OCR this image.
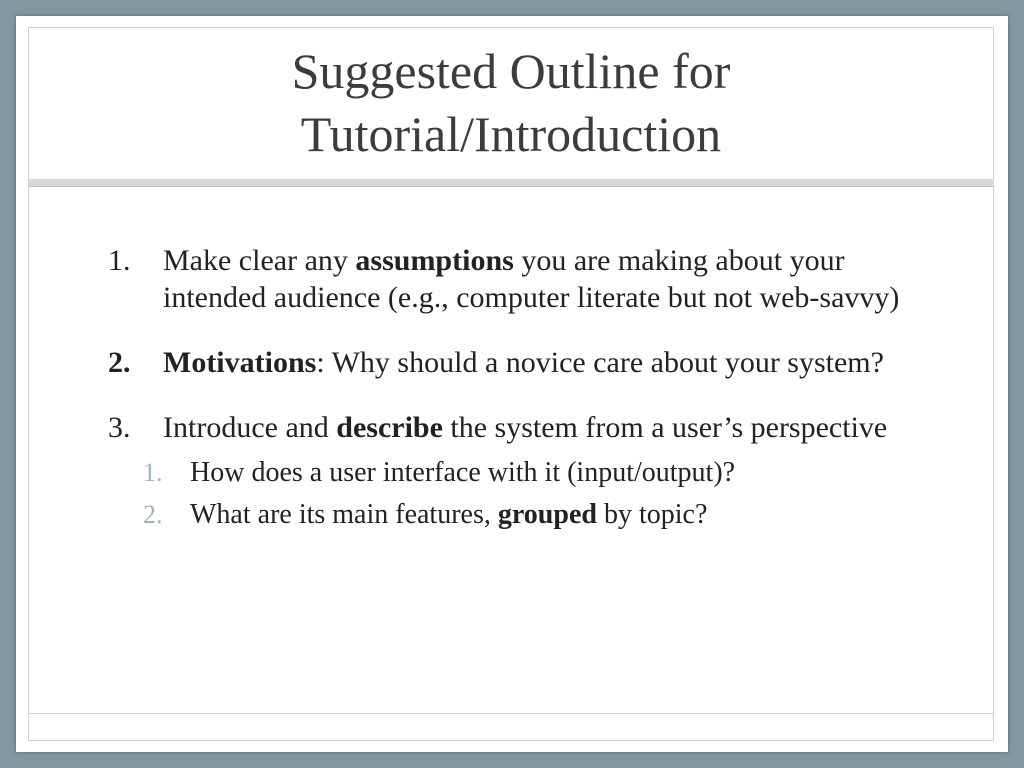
Suggested Outline for
Tutorial/Introduction
1. Make clear any assumptions you are making about your intended audience (e.g., computer literate but not web-savvy)
2. Motivations: Why should a novice care about your system?
3. Introduce and describe the system from a user’s perspective
1. How does a user interface with it (input/output)?
2. What are its main features, grouped by topic?
